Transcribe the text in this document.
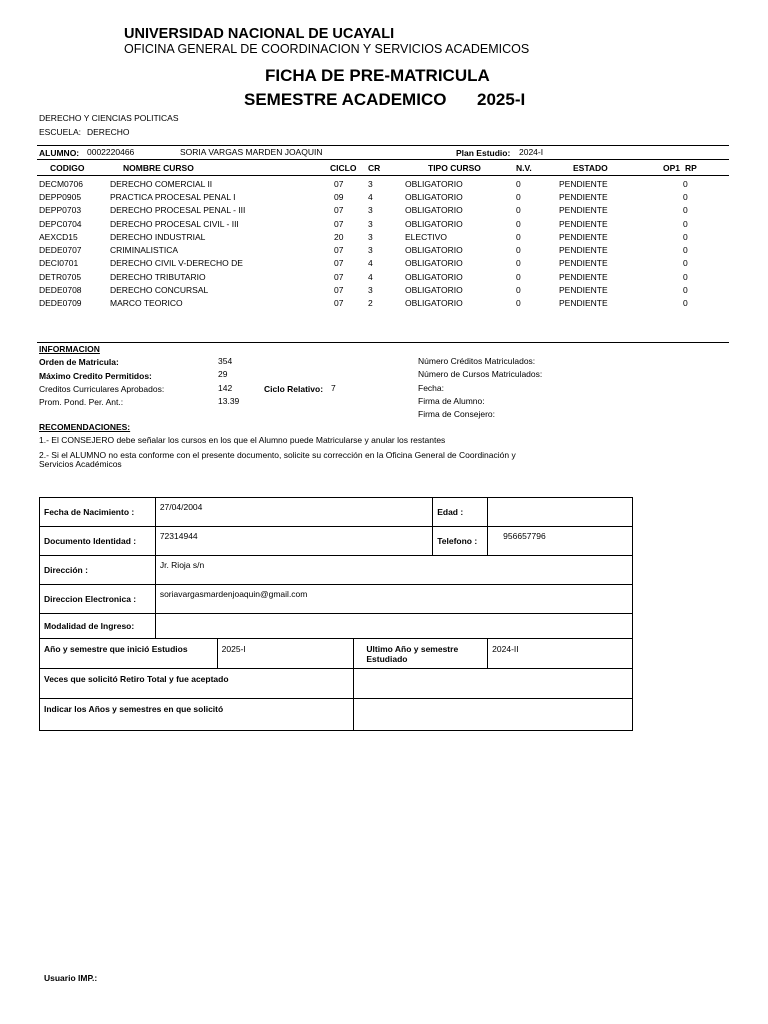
UNIVERSIDAD NACIONAL DE UCAYALI
OFICINA GENERAL DE COORDINACION Y SERVICIOS ACADEMICOS
FICHA DE PRE-MATRICULA
SEMESTRE ACADEMICO 2025-I
DERECHO Y CIENCIAS POLITICAS
ESCUELA: DERECHO
ALUMNO: 0002220466	SORIA VARGAS MARDEN JOAQUIN	Plan Estudio: 2024-I
CODIGO	NOMBRE CURSO	CICLO CR	TIPO CURSO	N.V.	ESTADO	OP1 RP
DECM0706	DERECHO COMERCIAL II	07	3	OBLIGATORIO	0	PENDIENTE	0
DEPP0905	PRACTICA PROCESAL PENAL I	09	4	OBLIGATORIO	0	PENDIENTE	0
DEPP0703	DERECHO PROCESAL PENAL - III	07	3	OBLIGATORIO	0	PENDIENTE	0
DEPC0704	DERECHO PROCESAL CIVIL - III	07	3	OBLIGATORIO	0	PENDIENTE	0
AEXCD15	DERECHO INDUSTRIAL	20	3	ELECTIVO	0	PENDIENTE	0
DEDE0707	CRIMINALISTICA	07	3	OBLIGATORIO	0	PENDIENTE	0
DECI0701	DERECHO CIVIL V-DERECHO DE	07	4	OBLIGATORIO	0	PENDIENTE	0
DETR0705	DERECHO TRIBUTARIO	07	4	OBLIGATORIO	0	PENDIENTE	0
DEDE0708	DERECHO CONCURSAL	07	3	OBLIGATORIO	0	PENDIENTE	0
DEDE0709	MARCO TEORICO	07	2	OBLIGATORIO	0	PENDIENTE	0
INFORMACION
Orden de Matricula:	354
Máximo Credito Permitidos:	29
Creditos Curriculares Aprobados:	142	Ciclo Relativo: 7
Prom. Pond. Per. Ant.:	13.39
Número Créditos Matriculados:
Número de Cursos Matriculados:
Fecha:
Firma de Alumno:
Firma de Consejero:
RECOMENDACIONES:
1.- El CONSEJERO debe señalar los cursos en los que el Alumno puede Matricularse y anular los restantes
2.- Si el ALUMNO no esta conforme con el presente documento, solicite su corrección en la Oficina General de Coordinación y
Servicios Académicos
Fecha de Nacimiento :	27/04/2004			Edad :	
Documento Identidad :	72314944			Telefono :	956657796
Dirección :	Jr. Rioja s/n				
Direccion Electronica :	soriavargasmardenjoaquin@gmail.com				
Modalidad de Ingreso:					
Año y semestre que inició Estudios		2025-I	Ultimo Año y semestre Estudiado		2024-II
Veces que solicitó Retiro Total y fue aceptado					
Indicar los Años y semestres en que solicitó					
Usuario IMP.:
